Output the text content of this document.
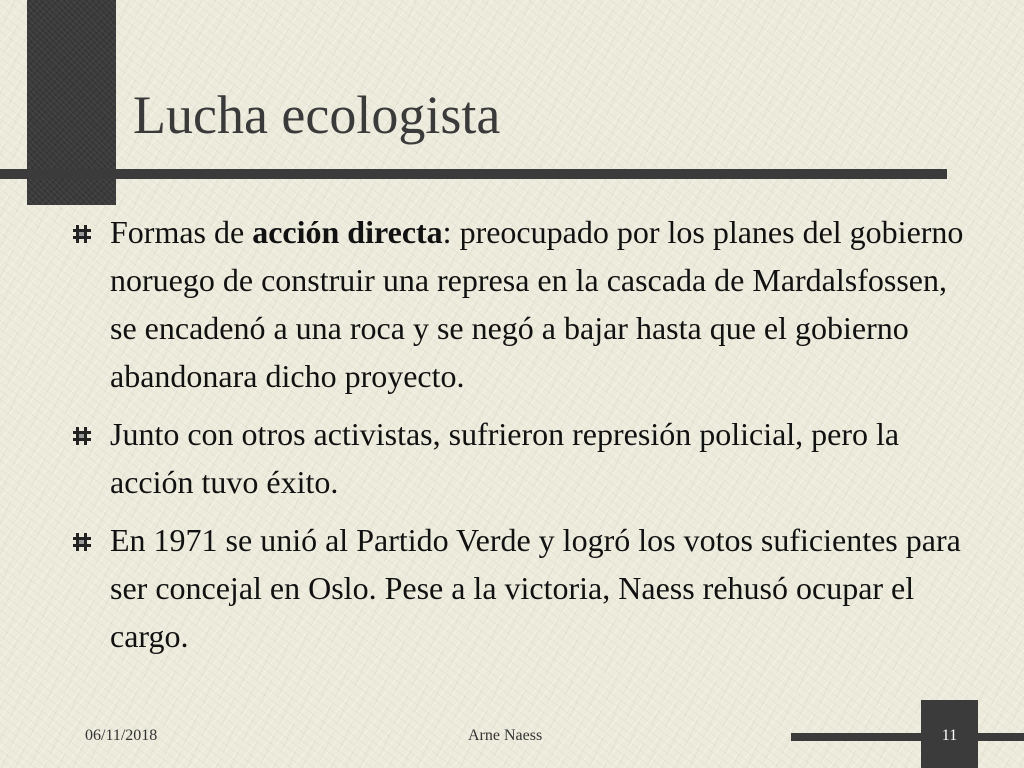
Lucha ecologista
Formas de acción directa: preocupado por los planes del gobierno noruego de construir una represa en la cascada de Mardalsfossen, se encadenó a una roca y se negó a bajar hasta que el gobierno abandonara dicho proyecto.
Junto con otros activistas, sufrieron represión policial, pero la acción tuvo éxito.
En 1971 se unió al Partido Verde y logró los votos suficientes para ser concejal en Oslo. Pese a la victoria, Naess rehusó ocupar el cargo.
06/11/2018	Arne Naess	11
